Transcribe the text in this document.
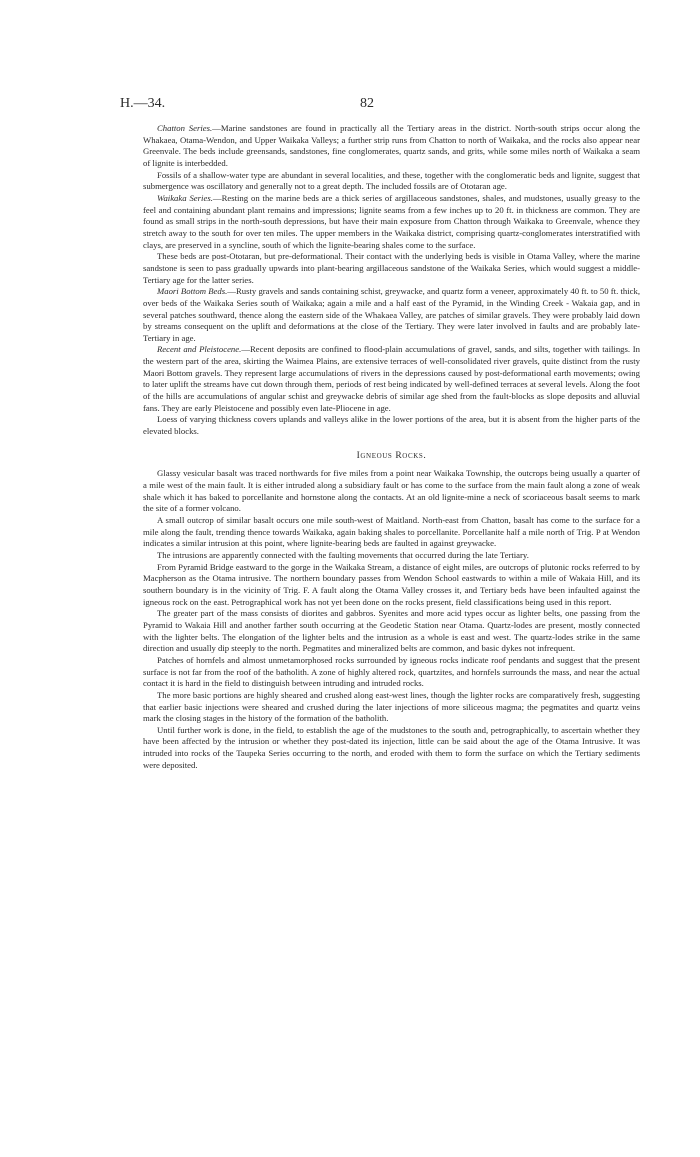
H.—34.	82

Chatton Series.—Marine sandstones are found in practically all the Tertiary areas in the district. North-south strips occur along the Whakaea, Otama-Wendon, and Upper Waikaka Valleys; a further strip runs from Chatton to north of Waikaka, and the rocks also appear near Greenvale. The beds include greensands, sandstones, fine conglomerates, quartz sands, and grits, while some miles north of Waikaka a seam of lignite is interbedded.

Fossils of a shallow-water type are abundant in several localities, and these, together with the conglomeratic beds and lignite, suggest that submergence was oscillatory and generally not to a great depth. The included fossils are of Ototaran age.

Waikaka Series.—Resting on the marine beds are a thick series of argillaceous sandstones, shales, and mudstones, usually greasy to the feel and containing abundant plant remains and impressions; lignite seams from a few inches up to 20 ft. in thickness are common. They are found as small strips in the north-south depressions, but have their main exposure from Chatton through Waikaka to Greenvale, whence they stretch away to the south for over ten miles. The upper members in the Waikaka district, comprising quartz-conglomerates interstratified with clays, are preserved in a syncline, south of which the lignite-bearing shales come to the surface.

These beds are post-Ototaran, but pre-deformational. Their contact with the underlying beds is visible in Otama Valley, where the marine sandstone is seen to pass gradually upwards into plant-bearing argillaceous sandstone of the Waikaka Series, which would suggest a middle-Tertiary age for the latter series.

Maori Bottom Beds.—Rusty gravels and sands containing schist, greywacke, and quartz form a veneer, approximately 40 ft. to 50 ft. thick, over beds of the Waikaka Series south of Waikaka; again a mile and a half east of the Pyramid, in the Winding Creek - Wakaia gap, and in several patches southward, thence along the eastern side of the Whakaea Valley, are patches of similar gravels. They were probably laid down by streams consequent on the uplift and deformations at the close of the Tertiary. They were later involved in faults and are probably late-Tertiary in age.

Recent and Pleistocene.—Recent deposits are confined to flood-plain accumulations of gravel, sands, and silts, together with tailings. In the western part of the area, skirting the Waimea Plains, are extensive terraces of well-consolidated river gravels, quite distinct from the rusty Maori Bottom gravels. They represent large accumulations of rivers in the depressions caused by post-deformational earth movements; owing to later uplift the streams have cut down through them, periods of rest being indicated by well-defined terraces at several levels. Along the foot of the hills are accumulations of angular schist and greywacke debris of similar age shed from the fault-blocks as slope deposits and alluvial fans. They are early Pleistocene and possibly even late-Pliocene in age.

Loess of varying thickness covers uplands and valleys alike in the lower portions of the area, but it is absent from the higher parts of the elevated blocks.

Igneous Rocks.

Glassy vesicular basalt was traced northwards for five miles from a point near Waikaka Township, the outcrops being usually a quarter of a mile west of the main fault. It is either intruded along a subsidiary fault or has come to the surface from the main fault along a zone of weak shale which it has baked to porcellanite and hornstone along the contacts. At an old lignite-mine a neck of scoriaceous basalt seems to mark the site of a former volcano.

A small outcrop of similar basalt occurs one mile south-west of Maitland. North-east from Chatton, basalt has come to the surface for a mile along the fault, trending thence towards Waikaka, again baking shales to porcellanite. Porcellanite half a mile north of Trig. P at Wendon indicates a similar intrusion at this point, where lignite-bearing beds are faulted in against greywacke.

The intrusions are apparently connected with the faulting movements that occurred during the late Tertiary.

From Pyramid Bridge eastward to the gorge in the Waikaka Stream, a distance of eight miles, are outcrops of plutonic rocks referred to by Macpherson as the Otama intrusive. The northern boundary passes from Wendon School eastwards to within a mile of Wakaia Hill, and its southern boundary is in the vicinity of Trig. F. A fault along the Otama Valley crosses it, and Tertiary beds have been infaulted against the igneous rock on the east. Petrographical work has not yet been done on the rocks present, field classifications being used in this report.

The greater part of the mass consists of diorites and gabbros. Syenites and more acid types occur as lighter belts, one passing from the Pyramid to Wakaia Hill and another farther south occurring at the Geodetic Station near Otama. Quartz-lodes are present, mostly connected with the lighter belts. The elongation of the lighter belts and the intrusion as a whole is east and west. The quartz-lodes strike in the same direction and usually dip steeply to the north. Pegmatites and mineralized belts are common, and basic dykes not infrequent.

Patches of hornfels and almost unmetamorphosed rocks surrounded by igneous rocks indicate roof pendants and suggest that the present surface is not far from the roof of the batholith. A zone of highly altered rock, quartzites, and hornfels surrounds the mass, and near the actual contact it is hard in the field to distinguish between intruding and intruded rocks.

The more basic portions are highly sheared and crushed along east-west lines, though the lighter rocks are comparatively fresh, suggesting that earlier basic injections were sheared and crushed during the later injections of more siliceous magma; the pegmatites and quartz veins mark the closing stages in the history of the formation of the batholith.

Until further work is done, in the field, to establish the age of the mudstones to the south and, petrographically, to ascertain whether they have been affected by the intrusion or whether they post-dated its injection, little can be said about the age of the Otama Intrusive. It was intruded into rocks of the Taupeka Series occurring to the north, and eroded with them to form the surface on which the Tertiary sediments were deposited.
